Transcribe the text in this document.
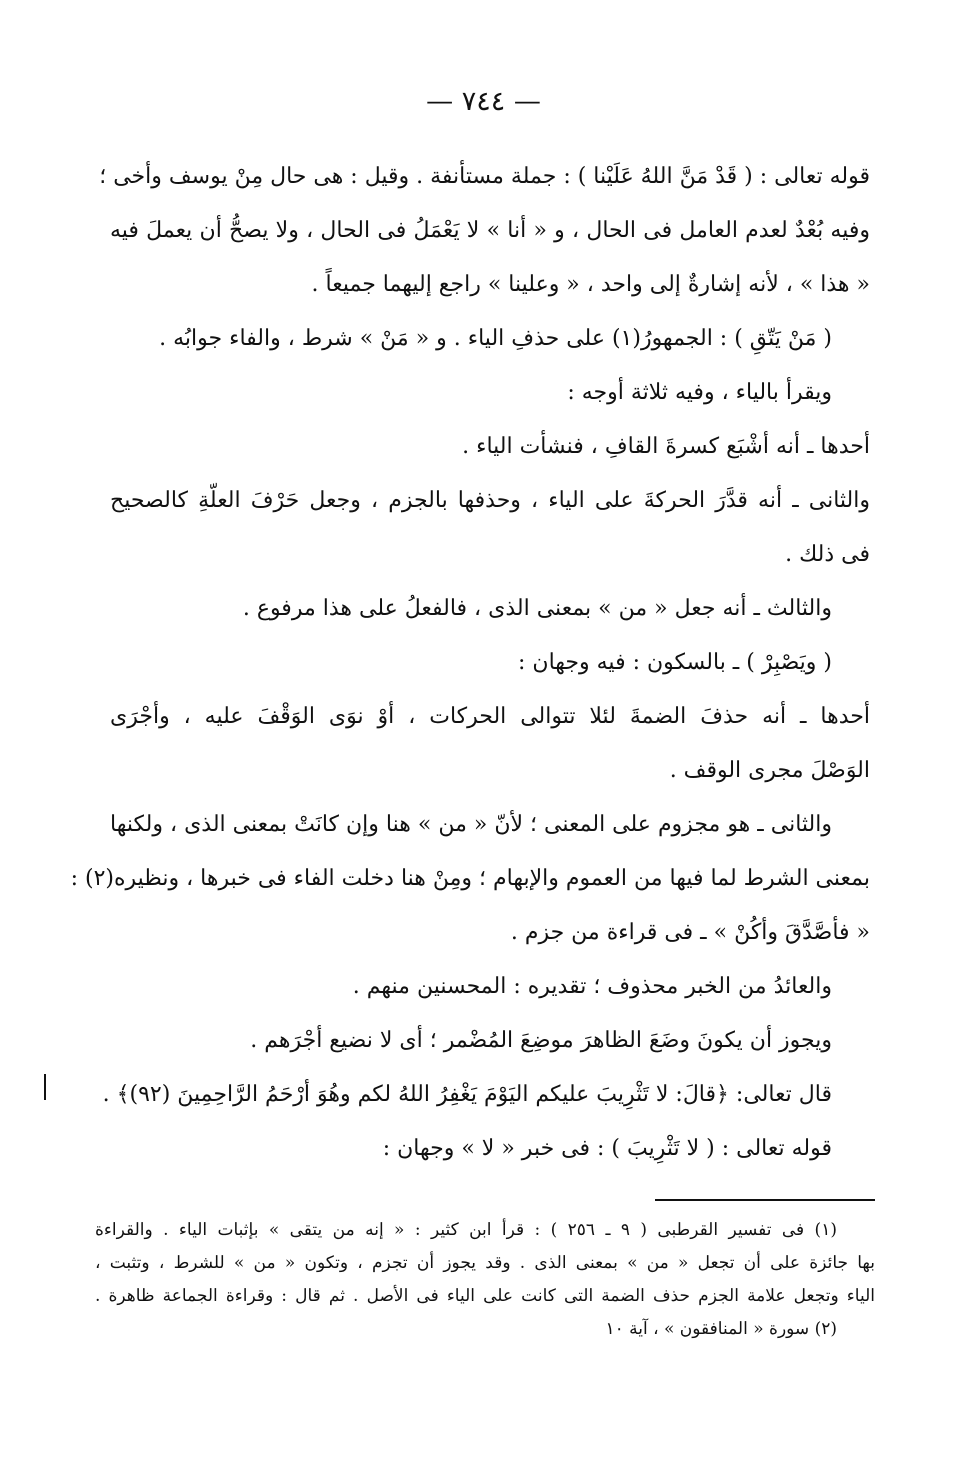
— ٧٤٤ —
قوله تعالى : ( قَدْ مَنَّ اللهُ عَلَيْنا ) : جملة مستأنفة . وقيل : هى حال مِنْ يوسف وأخى ؛
وفيه بُعْدٌ لعدم العامل فى الحال ، و « أنا » لا يَعْمَلُ فى الحال ، ولا يصحُّ أن يعملَ فيه
« هذا » ، لأنه إشارةٌ إلى واحد ، « وعلينا » راجع إليهما جميعاً .
( مَنْ يَتّقِ ) : الجمهورُ(١) على حذفِ الياء . و « مَنْ » شرط ، والفاء جوابُه .
ويقرأ بالياء ، وفيه ثلاثة أوجه :
أحدها ـ أنه أشْبَع كسرةَ القافِ ، فنشأت الياء .
والثانى ـ أنه قدَّرَ الحركةَ على الياء ، وحذفها بالجزم ، وجعل حَرْفَ العلّةِ كالصحيح
فى ذلك .
والثالث ـ أنه جعل « من » بمعنى الذى ، فالفعلُ على هذا مرفوع .
( ويَصْبِرْ ) ـ بالسكون : فيه وجهان :
أحدها ـ أنه حذفَ الضمةَ لئلا تتوالى الحركات ، أوْ نوَى الوَقْفَ عليه ، وأجْرَى
الوَصْلَ مجرى الوقف .
والثانى ـ هو مجزوم على المعنى ؛ لأنّ « من » هنا وإن كانَتْ بمعنى الذى ، ولكنها
بمعنى الشرط لما فيها من العموم والإبهام ؛ ومِنْ هنا دخلت الفاء فى خبرها ، ونظيره(٢) :
« فأصَّدَّقَ وأكُنْ » ـ فى قراءة من جزم .
والعائدُ من الخبر محذوف ؛ تقديره : المحسنين منهم .
ويجوز أن يكونَ وضَعَ الظاهرَ موضِعَ المُضْمر ؛ أى لا نضيع أجْرَهم .
قال تعالى: ﴿قالَ: لا تَثْرِيبَ عليكم اليَوْمَ يَغْفِرُ اللهُ لكم وهُوَ أرْحَمُ الرَّاحِمِينَ (٩٢)﴾ .
قوله تعالى : ( لا تَثْرِيبَ ) : فى خبر « لا » وجهان :
(١) فى تفسير القرطبى ( ٩ ـ ٢٥٦ ) : قرأ ابن كثير : « إنه من يتقى » بإثبات الياء . والقراءة
بها جائزة على أن تجعل « من » بمعنى الذى . وقد يجوز أن تجزم ، وتكون « من » للشرط ، وتثبت ،
الياء وتجعل علامة الجزم حذف الضمة التى كانت على الياء فى الأصل . ثم قال : وقراءة الجماعة ظاهرة .
(٢) سورة « المنافقون » ، آية ١٠
